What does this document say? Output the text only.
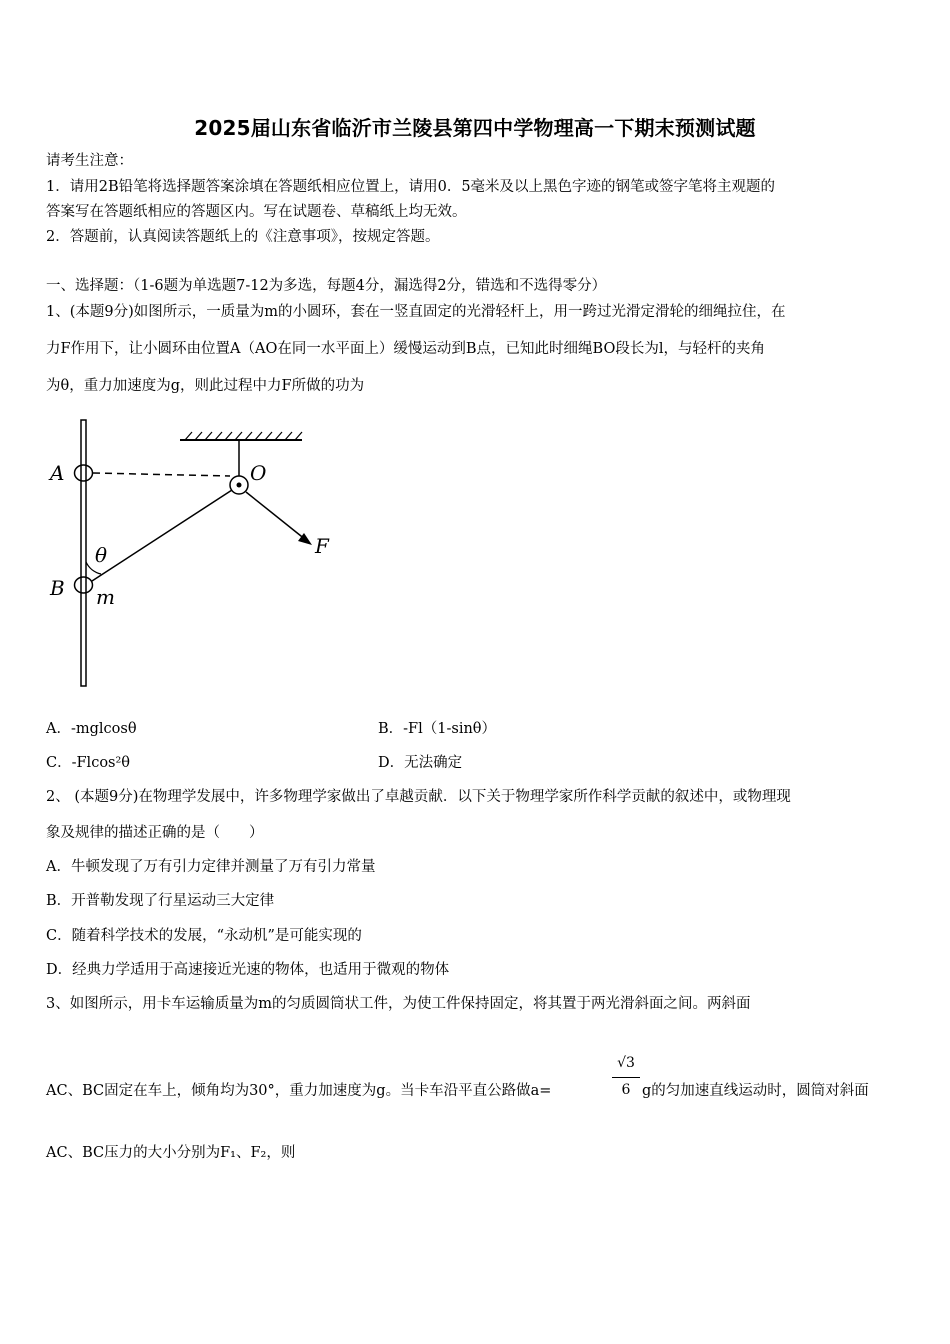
2025届山东省临沂市兰陵县第四中学物理高一下期末预测试题
请考生注意：
1．请用2B铅笔将选择题答案涂填在答题纸相应位置上，请用0．5毫米及以上黑色字迹的钢笔或签字笔将主观题的
答案写在答题纸相应的答题区内。写在试题卷、草稿纸上均无效。
2．答题前，认真阅读答题纸上的《注意事项》，按规定答题。
一、选择题：（1-6题为单选题7-12为多选，每题4分，漏选得2分，错选和不选得零分）
1、(本题9分)如图所示，一质量为m的小圆环，套在一竖直固定的光滑轻杆上，用一跨过光滑定滑轮的细绳拉住，在
力F作用下，让小圆环由位置A（AO在同一水平面上）缓慢运动到B点，已知此时细绳BO段长为l，与轻杆的夹角
为θ，重力加速度为g，则此过程中力F所做的功为
A	O
F
θ
B m
A．-mglcosθ	B．-Fl（1-sinθ）
C．-Flcos²θ	D．无法确定
2、 (本题9分)在物理学发展中，许多物理学家做出了卓越贡献．以下关于物理学家所作科学贡献的叙述中，或物理现
象及规律的描述正确的是（　　）
A．牛顿发现了万有引力定律并测量了万有引力常量
B．开普勒发现了行星运动三大定律
C．随着科学技术的发展，“永动机”是可能实现的
D．经典力学适用于高速接近光速的物体，也适用于微观的物体
3、如图所示，用卡车运输质量为m的匀质圆筒状工件，为使工件保持固定，将其置于两光滑斜面之间。两斜面
AC、BC固定在车上，倾角均为30°，重力加速度为g。当卡车沿平直公路做a=	$\frac{√3}{6}$ g的匀加速直线运动时，圆筒对斜面
AC、BC压力的大小分别为F₁、F₂，则
